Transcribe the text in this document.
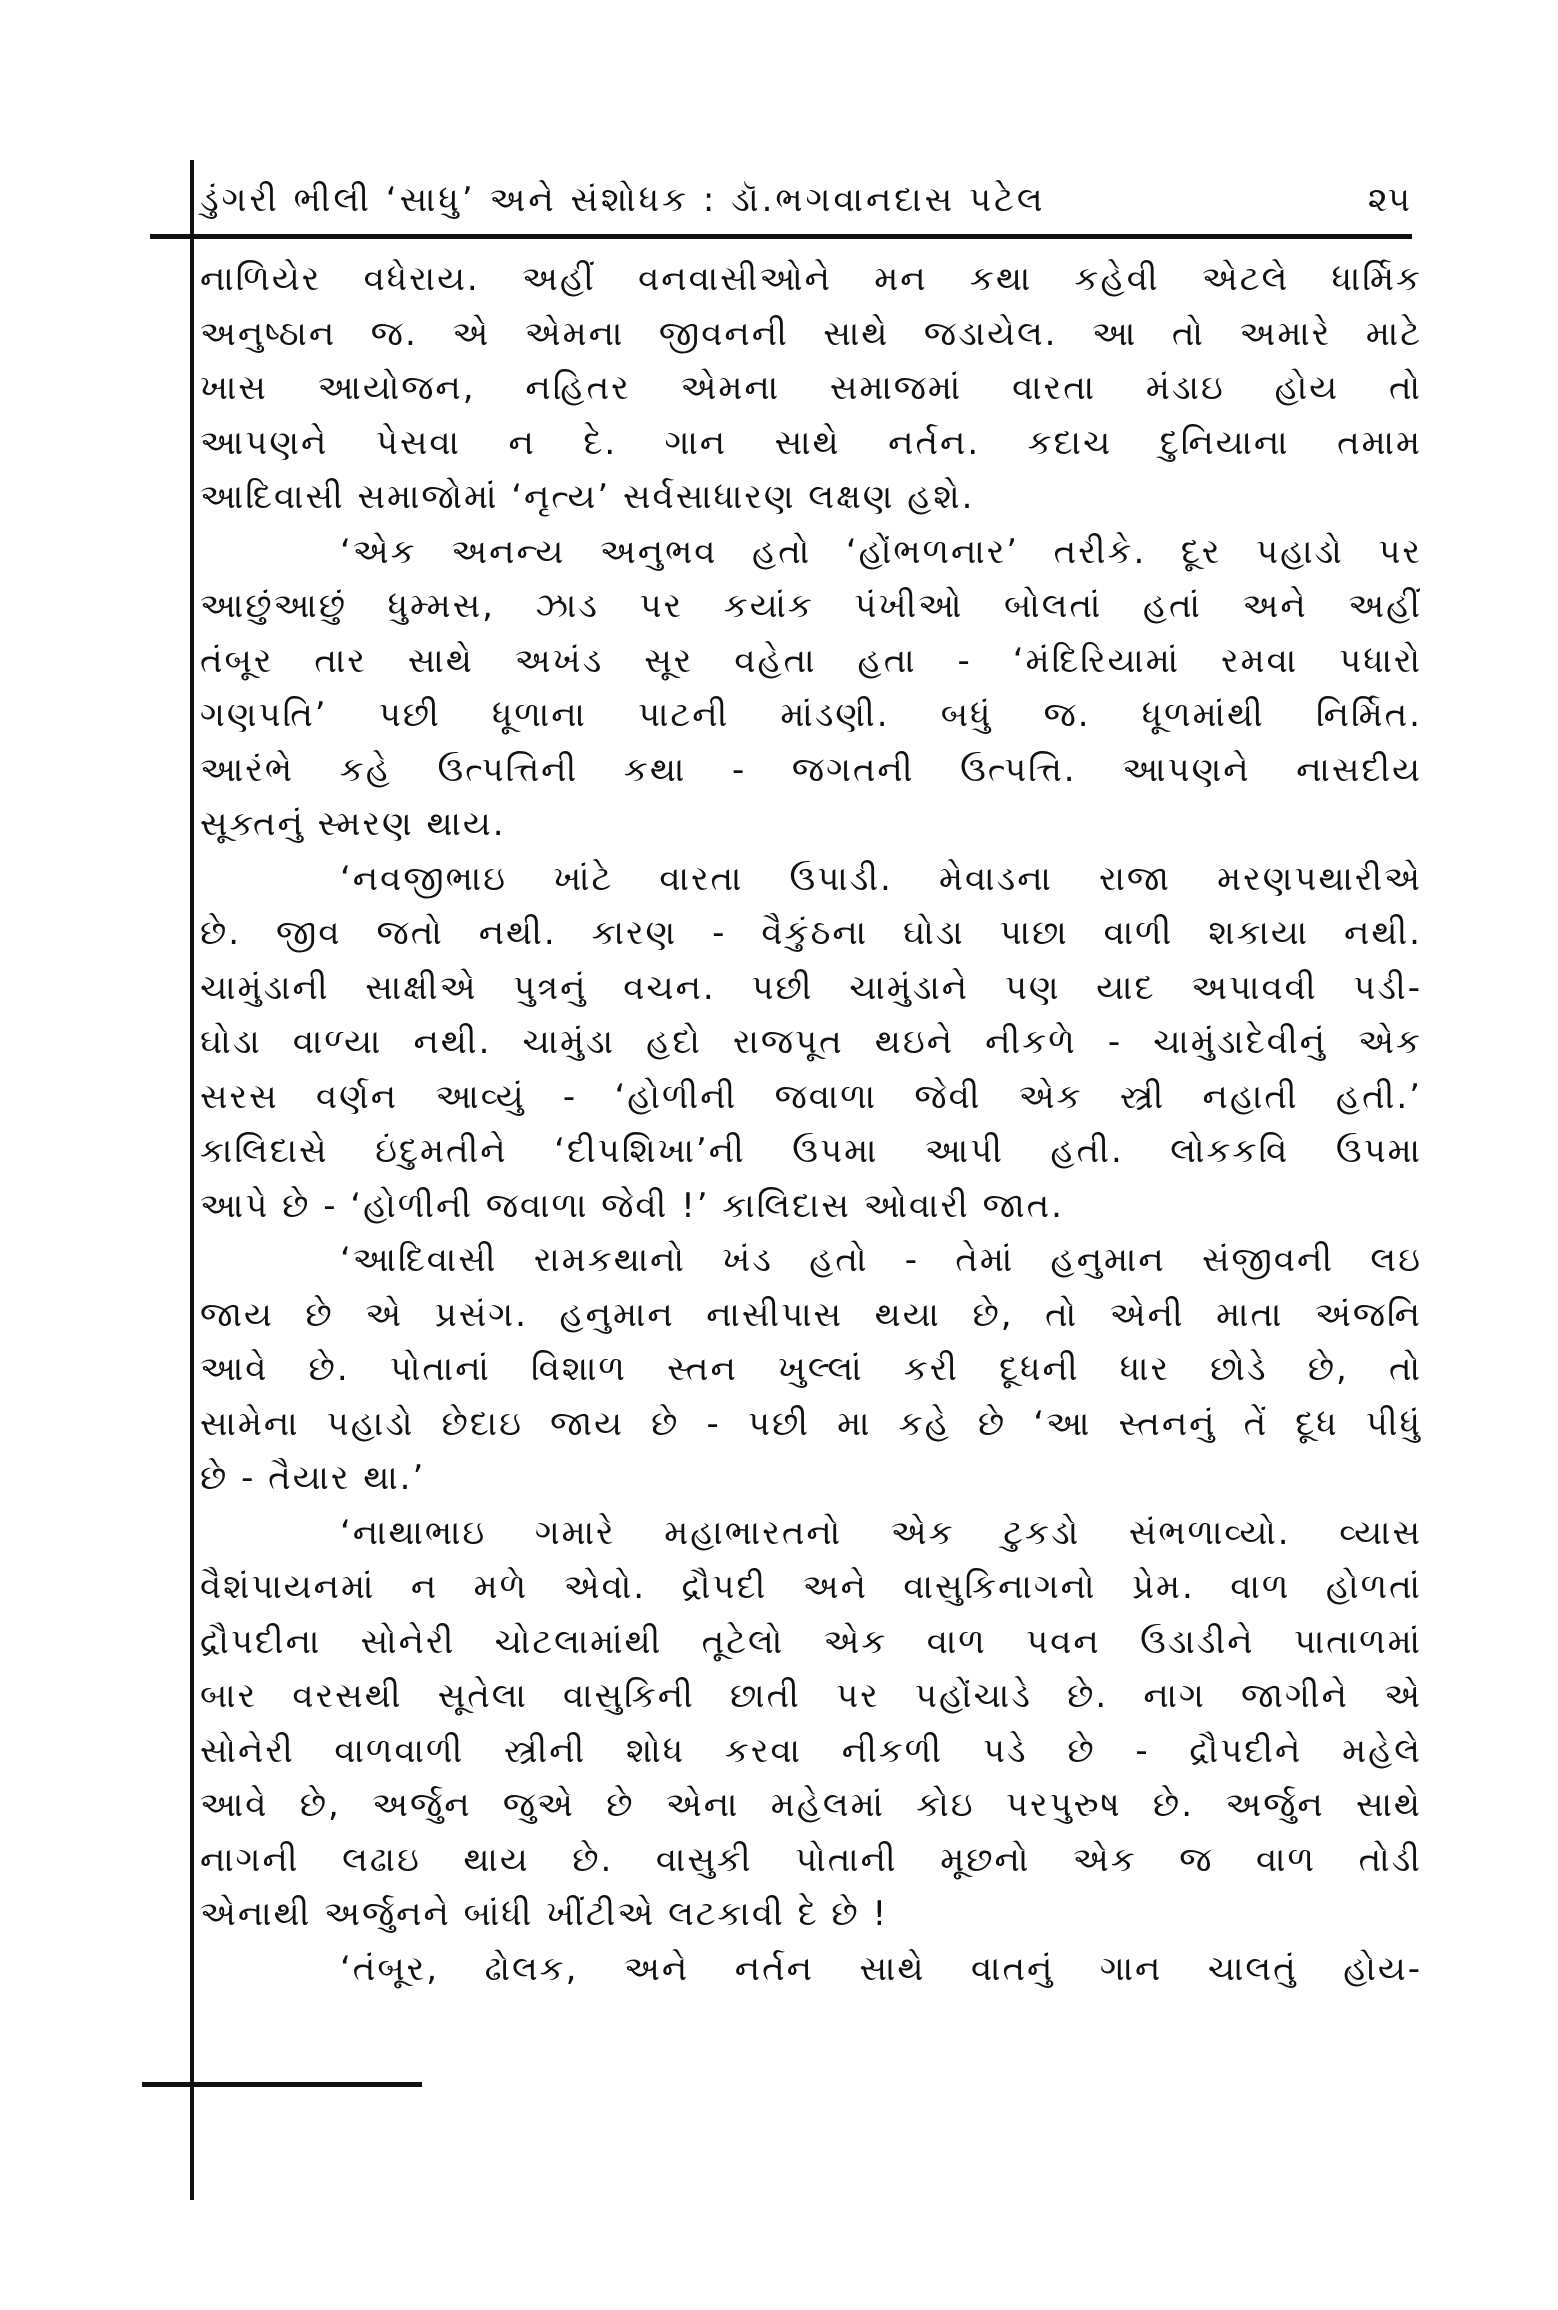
ડુંગરી ભીલી ‘સાધુ’ અને સંશોધક : ડૉ.ભગવાનદાસ પટેલ	૨૫
નાળિયેર વધેરાય. અહીં વનવાસીઓને મન કથા કહેવી એટલે ધાર્મિક
અનુષ્ઠાન જ. એ એમના જીવનની સાથે જડાયેલ. આ તો અમારે માટે
ખાસ આયોજન, નહિતર એમના સમાજમાં વારતા મંડાઇ હોય તો
આપણને પેસવા ન દે. ગાન સાથે નર્તન. કદાચ દુનિયાના તમામ
આદિવાસી સમાજોમાં ‘નૃત્ય’ સર્વસાધારણ લક્ષણ હશે.
‘એક અનન્ય અનુભવ હતો ‘હોંભળનાર’ તરીકે. દૂર પહાડો પર
આછુંઆછું ધુમ્મસ, ઝાડ પર કયાંક પંખીઓ બોલતાં હતાં અને અહીં
તંબૂર તાર સાથે અખંડ સૂર વહેતા હતા - ‘મંદિરિયામાં રમવા પધારો
ગણપતિ’ પછી ધૂળાના પાટની માંડણી. બધું જ. ધૂળમાંથી નિર્મિત.
આરંભે કહે ઉત્પત્તિની કથા - જગતની ઉત્પત્તિ. આપણને નાસદીય
સૂક્તનું સ્મરણ થાય.
‘નવજીભાઇ ખાંટે વારતા ઉપાડી. મેવાડના રાજા મરણપથારીએ
છે. જીવ જતો નથી. કારણ - વૈકુંઠના ઘોડા પાછા વાળી શકાયા નથી.
ચામુંડાની સાક્ષીએ પુત્રનું વચન. પછી ચામુંડાને પણ યાદ અપાવવી પડી-
ઘોડા વાળ્યા નથી. ચામુંડા હદો રાજપૂત થઇને નીકળે - ચામુંડાદેવીનું એક
સરસ વર્ણન આવ્યું - ‘હોળીની જવાળા જેવી એક સ્ત્રી નહાતી હતી.’
કાલિદાસે ઇંદુમતીને ‘દીપશિખા’ની ઉપમા આપી હતી. લોકકવિ ઉપમા
આપે છે - ‘હોળીની જવાળા જેવી !’ કાલિદાસ ઓવારી જાત.
‘આદિવાસી રામકથાનો ખંડ હતો - તેમાં હનુમાન સંજીવની લઇ
જાય છે એ પ્રસંગ. હનુમાન નાસીપાસ થયા છે, તો એની માતા અંજનિ
આવે છે. પોતાનાં વિશાળ સ્તન ખુલ્લાં કરી દૂધની ધાર છોડે છે, તો
સામેના પહાડો છેદાઇ જાય છે - પછી મા કહે છે ‘આ સ્તનનું તેં દૂધ પીધું
છે - તૈયાર થા.’
‘નાથાભાઇ ગમારે મહાભારતનો એક ટુકડો સંભળાવ્યો. વ્યાસ
વૈશંપાયનમાં ન મળે એવો. દ્રૌપદી અને વાસુકિનાગનો પ્રેમ. વાળ હોળતાં
દ્રૌપદીના સોનેરી ચોટલામાંથી તૂટેલો એક વાળ પવન ઉડાડીને પાતાળમાં
બાર વરસથી સૂતેલા વાસુકિની છાતી પર પહોંચાડે છે. નાગ જાગીને એ
સોનેરી વાળવાળી સ્ત્રીની શોધ કરવા નીકળી પડે છે - દ્રૌપદીને મહેલે
આવે છે, અર્જુન જુએ છે એના મહેલમાં કોઇ પરપુરુષ છે. અર્જુન સાથે
નાગની લઢાઇ થાય છે. વાસુકી પોતાની મૂછનો એક જ વાળ તોડી
એનાથી અર્જુનને બાંધી ખીંટીએ લટકાવી દે છે !
‘તંબૂર, ઢોલક, અને નર્તન સાથે વાતનું ગાન ચાલતું હોય-
